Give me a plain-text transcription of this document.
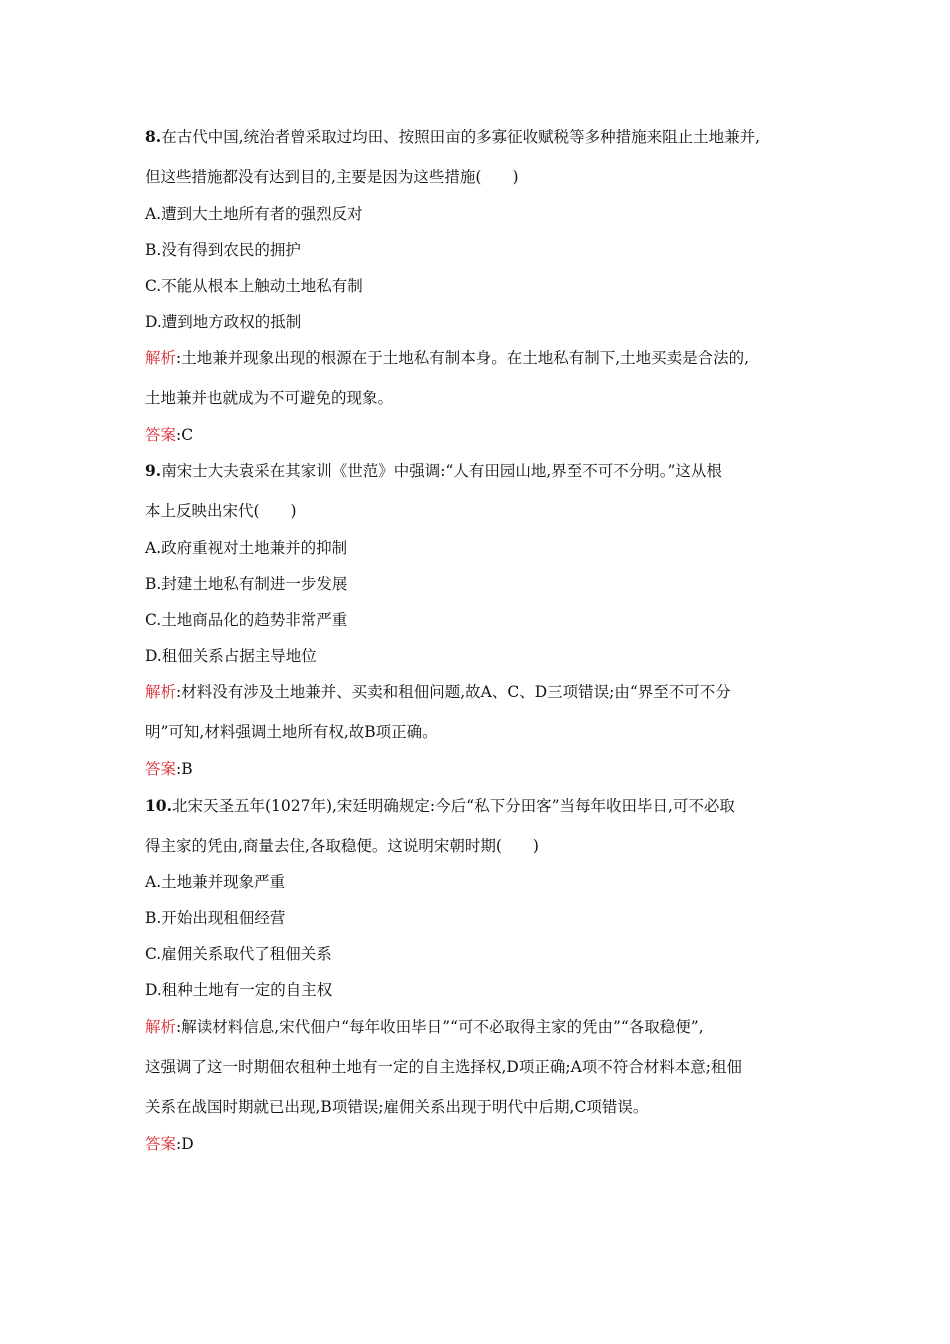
8.在古代中国,统治者曾采取过均田、按照田亩的多寡征收赋税等多种措施来阻止土地兼并,
但这些措施都没有达到目的,主要是因为这些措施(　　)
A.遭到大土地所有者的强烈反对
B.没有得到农民的拥护
C.不能从根本上触动土地私有制
D.遭到地方政权的抵制
解析:土地兼并现象出现的根源在于土地私有制本身。在土地私有制下,土地买卖是合法的,
土地兼并也就成为不可避免的现象。
答案:C
9.南宋士大夫袁采在其家训《世范》中强调:“人有田园山地,界至不可不分明。”这从根
本上反映出宋代(　　)
A.政府重视对土地兼并的抑制
B.封建土地私有制进一步发展
C.土地商品化的趋势非常严重
D.租佃关系占据主导地位
解析:材料没有涉及土地兼并、买卖和租佃问题,故A、C、D三项错误;由“界至不可不分
明”可知,材料强调土地所有权,故B项正确。
答案:B
10.北宋天圣五年(1027年),宋廷明确规定:今后“私下分田客”当每年收田毕日,可不必取
得主家的凭由,商量去住,各取稳便。这说明宋朝时期(　　)
A.土地兼并现象严重
B.开始出现租佃经营
C.雇佣关系取代了租佃关系
D.租种土地有一定的自主权
解析:解读材料信息,宋代佃户“每年收田毕日”“可不必取得主家的凭由”“各取稳便”,
这强调了这一时期佃农租种土地有一定的自主选择权,D项正确;A项不符合材料本意;租佃
关系在战国时期就已出现,B项错误;雇佣关系出现于明代中后期,C项错误。
答案:D
